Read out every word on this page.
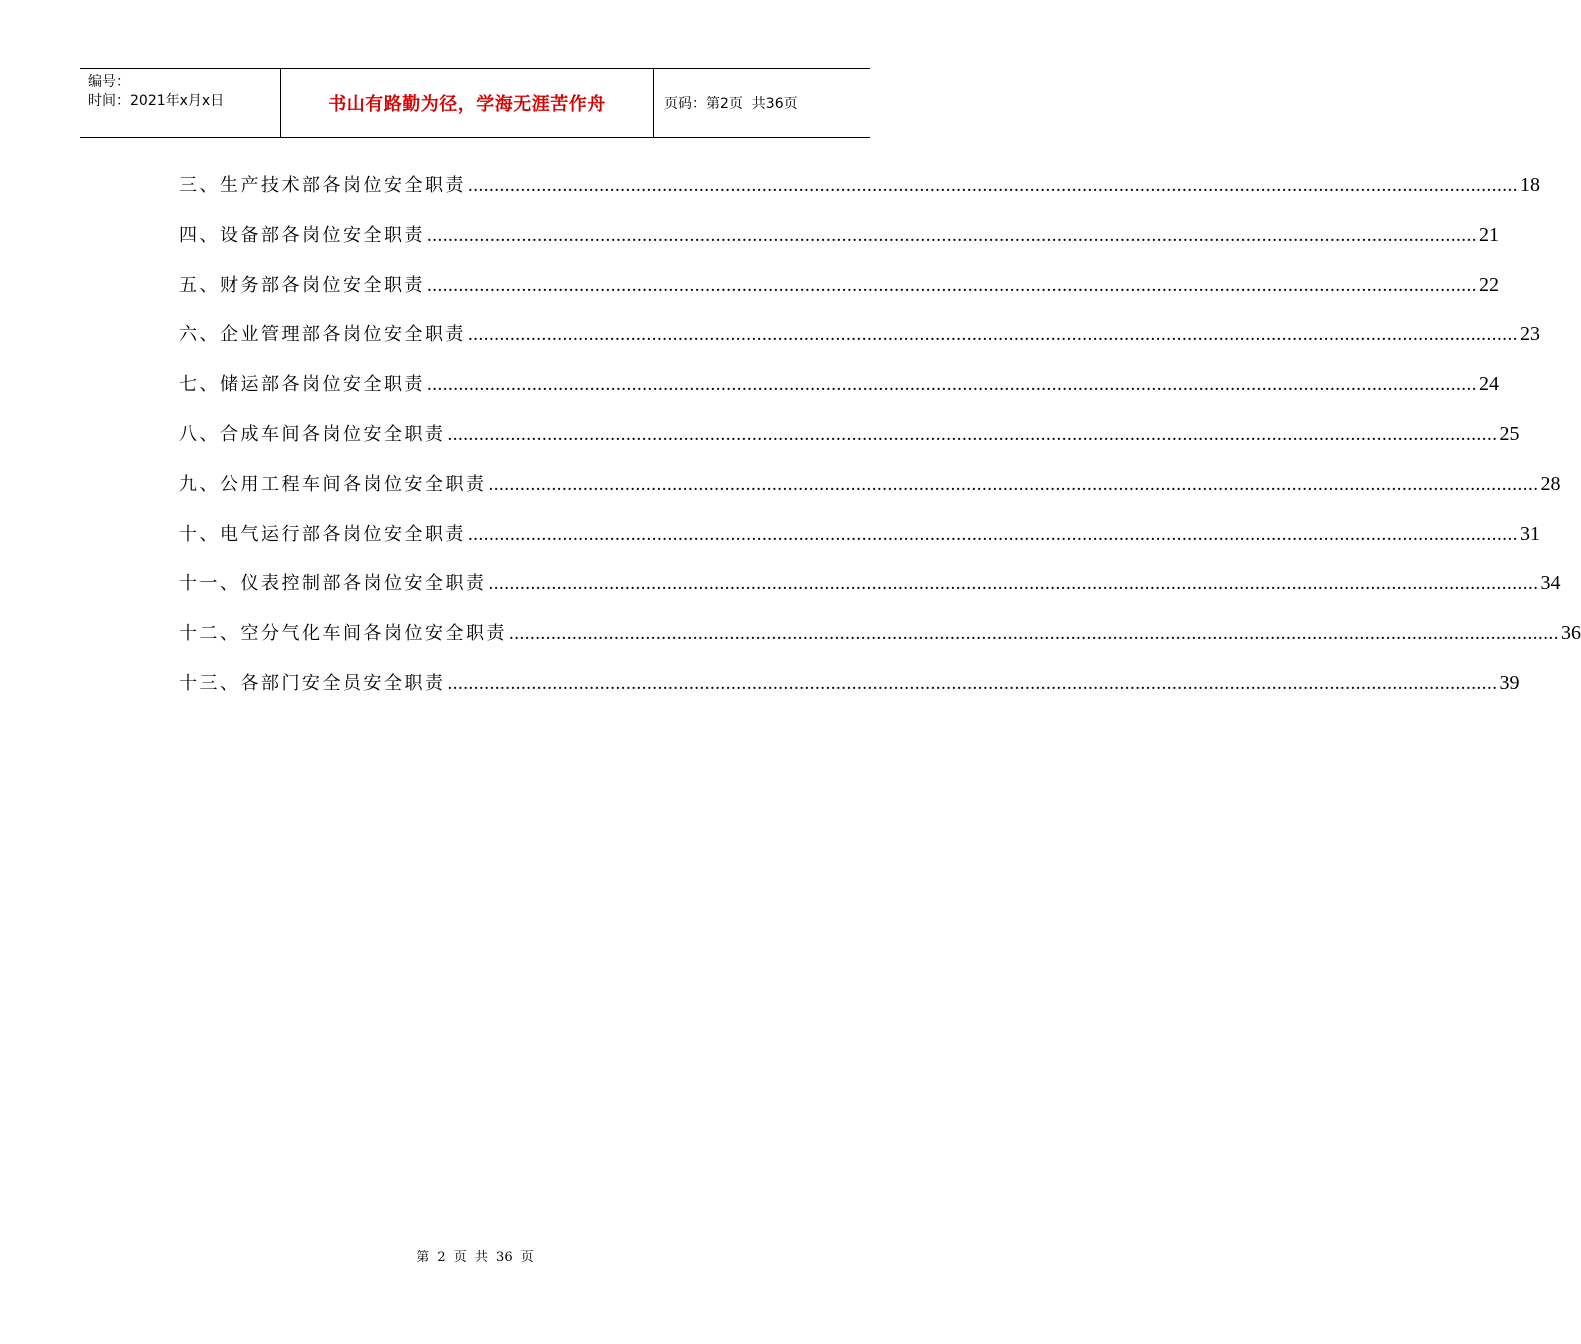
编号：
时间：2021年x月x日	书山有路勤为径，学海无涯苦作舟	页码：第2页  共36页
三、生产技术部各岗位安全职责 ........................................................................................................................................................................................................ 18
四、设备部各岗位安全职责 ........................................................................................................................................................................................................ 21
五、财务部各岗位安全职责 ........................................................................................................................................................................................................ 22
六、企业管理部各岗位安全职责 ........................................................................................................................................................................................................ 23
七、储运部各岗位安全职责 ........................................................................................................................................................................................................ 24
八、合成车间各岗位安全职责 ........................................................................................................................................................................................................ 25
九、公用工程车间各岗位安全职责 ........................................................................................................................................................................................................ 28
十、电气运行部各岗位安全职责 ........................................................................................................................................................................................................ 31
十一、仪表控制部各岗位安全职责 ........................................................................................................................................................................................................ 34
十二、空分气化车间各岗位安全职责 ........................................................................................................................................................................................................ 36
十三、各部门安全员安全职责 ........................................................................................................................................................................................................ 39
第 2 页 共 36 页
